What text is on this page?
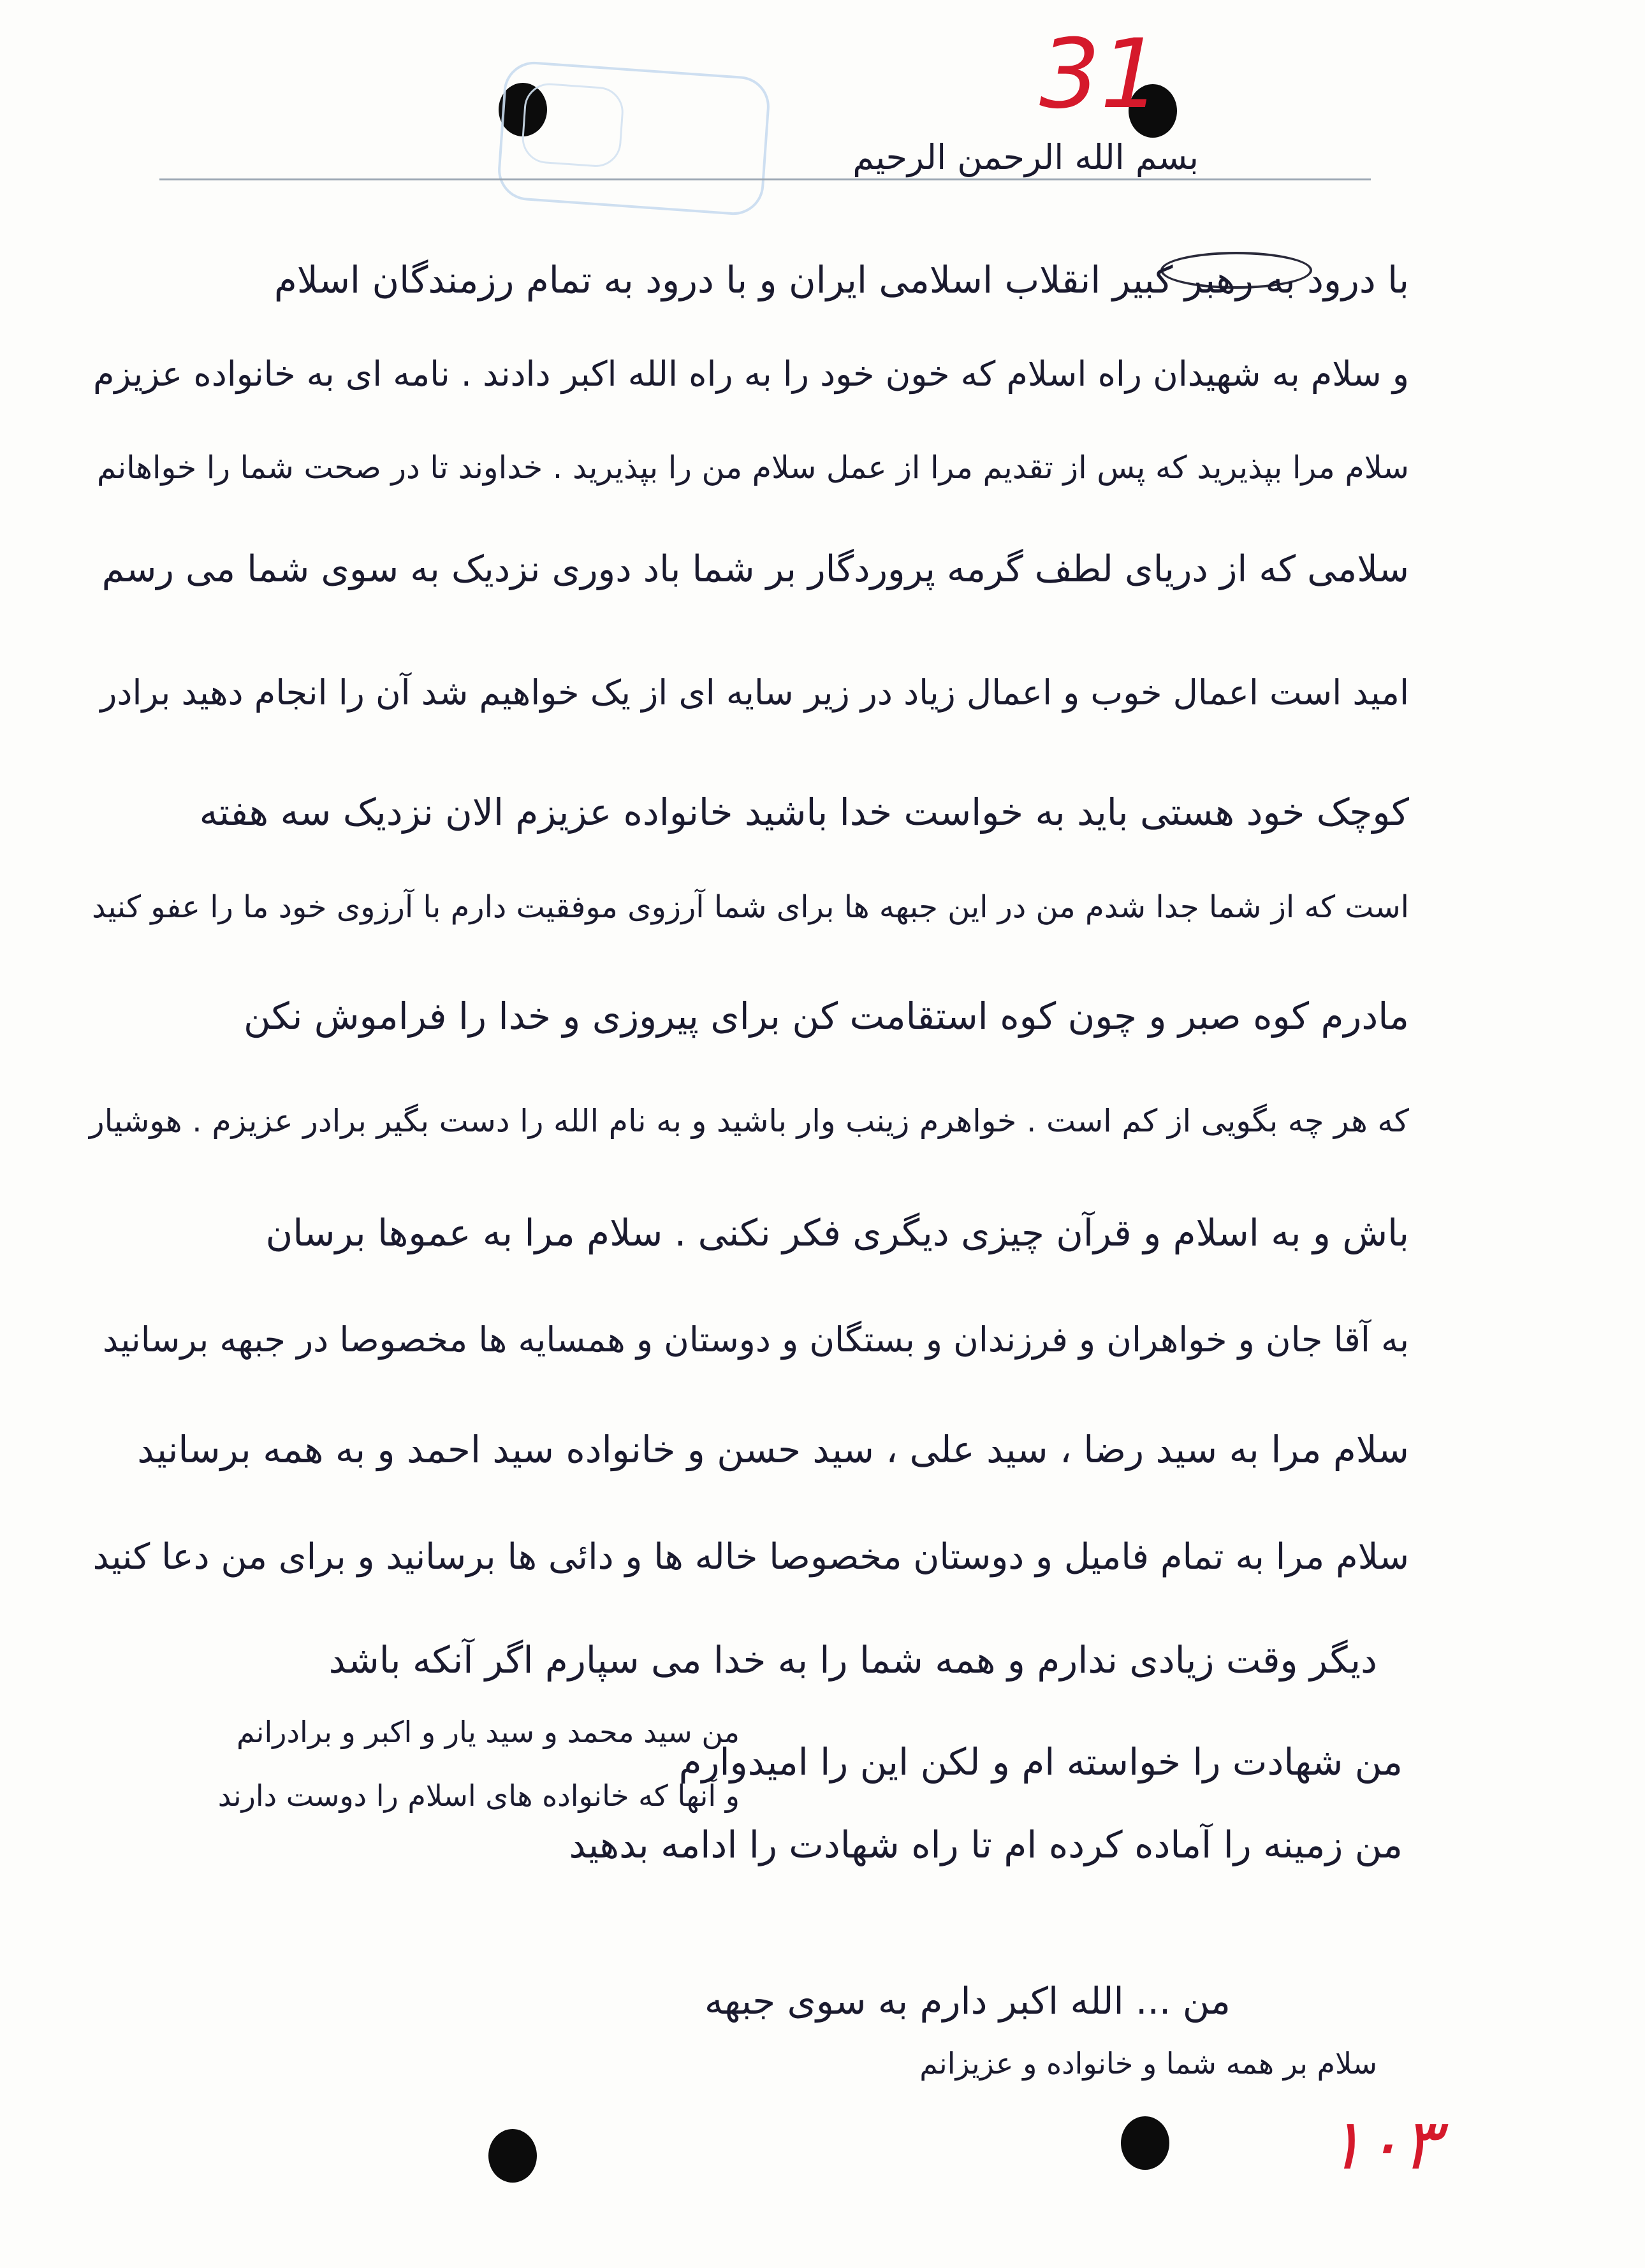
31
۱۰۳
بسم الله الرحمن الرحیم
با درود به رهبر کبیر انقلاب اسلامی ایران و با درود به تمام رزمندگان اسلام
و سلام به شهیدان راه اسلام که خون خود را به راه الله اکبر دادند . نامه ای به خانواده عزیزم
سلام مرا بپذیرید که پس از تقدیم مرا از عمل سلام من را بپذیرید . خداوند تا در صحت شما را خواهانم
سلامی که از دریای لطف گرمه پروردگار بر شما باد دوری نزدیک به سوی شما می رسم
امید است اعمال خوب و اعمال زیاد در زیر سایه ای از یک خواهیم شد آن را انجام دهید برادر
کوچک خود هستی باید به خواست خدا باشید خانواده عزیزم الان نزدیک سه هفته
است که از شما جدا شدم من در این جبهه ها برای شما آرزوی موفقیت دارم با آرزوی خود ما را عفو کنید
مادرم کوه صبر و چون کوه استقامت کن برای پیروزی و خدا را فراموش نکن
که هر چه بگویی از کم است . خواهرم زینب وار باشید و به نام الله را دست بگیر برادر عزیزم . هوشیار
باش و به اسلام و قرآن چیزی دیگری فکر نکنی . سلام مرا به عموها برسان
به آقا جان و خواهران و فرزندان و بستگان و دوستان و همسایه ها مخصوصا در جبهه برسانید
سلام مرا به سید رضا ، سید علی ، سید حسن و خانواده سید احمد و به همه برسانید
سلام مرا به تمام فامیل و دوستان مخصوصا خاله ها و دائی ها برسانید و برای من دعا کنید
دیگر وقت زیادی ندارم و همه شما را به خدا می سپارم اگر آنکه باشد
من شهادت را خواسته ام و لکن این را امیدوارم
من زمینه را آماده کرده ام تا راه شهادت را ادامه بدهید
من سید محمد و سید یار و اکبر و برادرانم
و آنها که خانواده های اسلام را دوست دارند
من ... الله اکبر دارم به سوی جبهه
سلام بر همه شما و خانواده و عزیزانم
